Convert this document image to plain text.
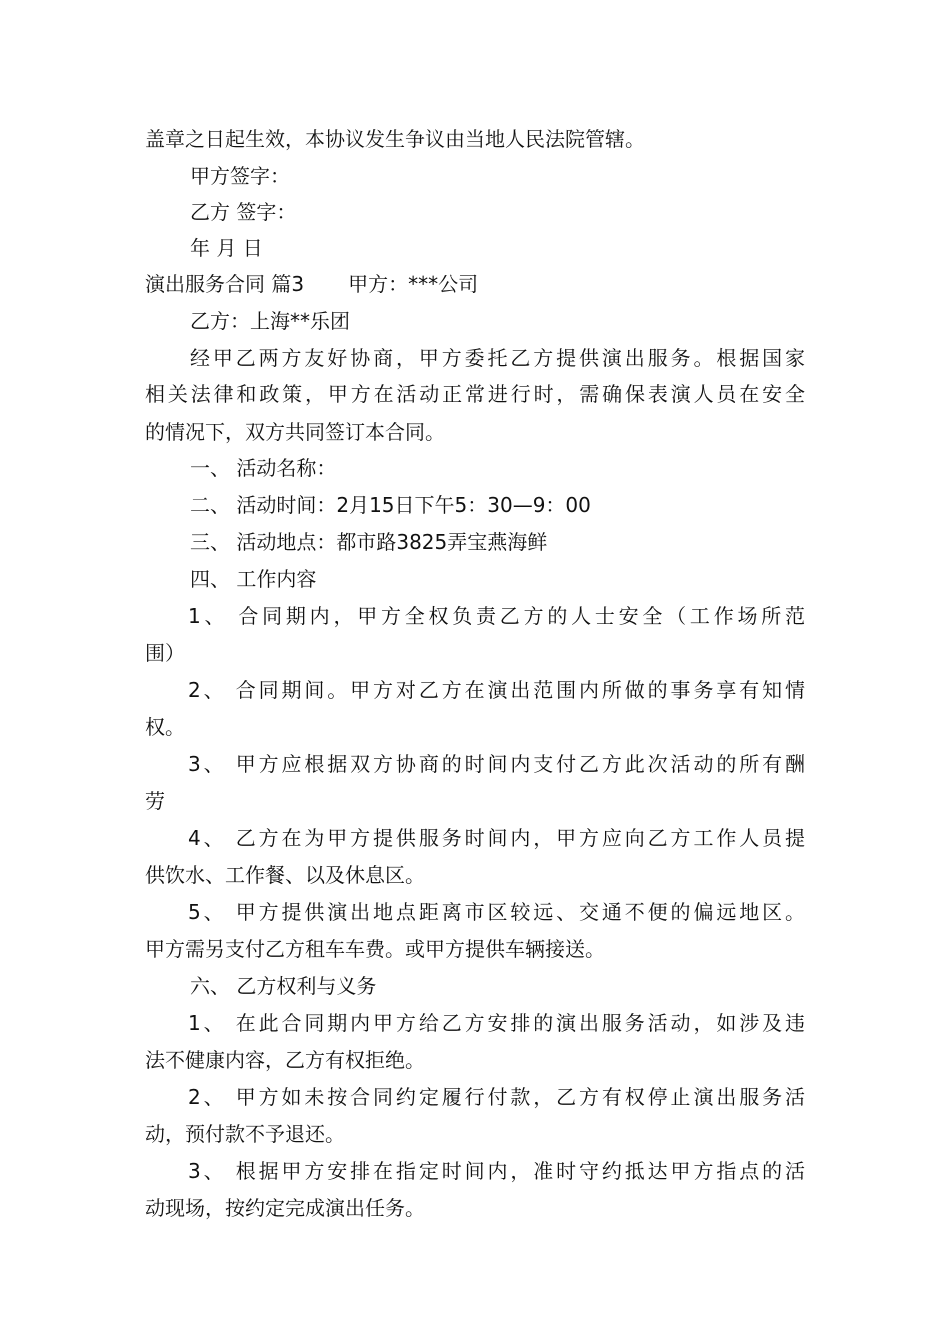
盖章之日起生效，本协议发生争议由当地人民法院管辖。
甲方签字：
乙方 签字：
年 月 日
演出服务合同 篇3 甲方：***公司
乙方：上海**乐团
经甲乙两方友好协商，甲方委托乙方提供演出服务。根据国家
相关法律和政策，甲方在活动正常进行时，需确保表演人员在安全
的情况下，双方共同签订本合同。
一、 活动名称：
二、 活动时间：2月15日下午5：30—9：00
三、 活动地点：都市路3825弄宝燕海鲜
四、 工作内容
1、 合同期内，甲方全权负责乙方的人士安全（工作场所范
围）
2、 合同期间。甲方对乙方在演出范围内所做的事务享有知情
权。
3、 甲方应根据双方协商的时间内支付乙方此次活动的所有酬
劳
4、 乙方在为甲方提供服务时间内，甲方应向乙方工作人员提
供饮水、工作餐、以及休息区。
5、 甲方提供演出地点距离市区较远、交通不便的偏远地区。
甲方需另支付乙方租车车费。或甲方提供车辆接送。
六、 乙方权利与义务
1、 在此合同期内甲方给乙方安排的演出服务活动，如涉及违
法不健康内容，乙方有权拒绝。
2、 甲方如未按合同约定履行付款，乙方有权停止演出服务活
动，预付款不予退还。
3、 根据甲方安排在指定时间内，准时守约抵达甲方指点的活
动现场，按约定完成演出任务。
